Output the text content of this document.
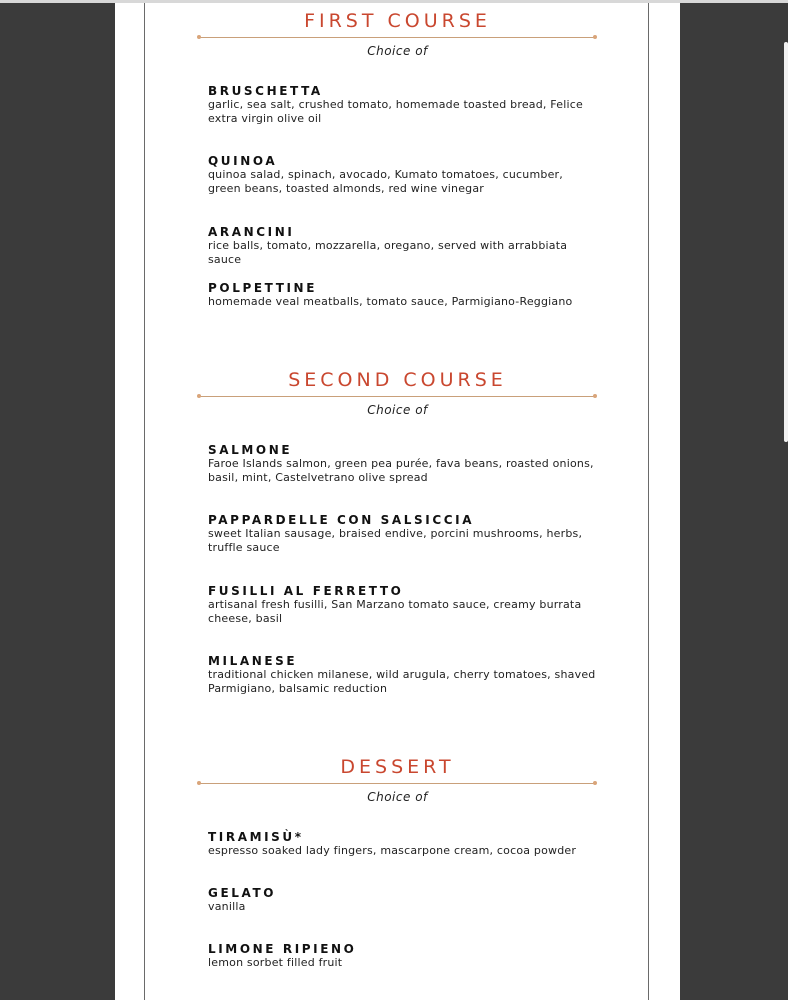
FIRST COURSE
Choice of
BRUSCHETTA
garlic, sea salt, crushed tomato, homemade toasted bread, Felice extra virgin olive oil
QUINOA
quinoa salad, spinach, avocado, Kumato tomatoes, cucumber, green beans, toasted almonds, red wine vinegar
ARANCINI
rice balls, tomato, mozzarella, oregano, served with arrabbiata sauce
POLPETTINE
homemade veal meatballs, tomato sauce, Parmigiano-Reggiano
SECOND COURSE
Choice of
SALMONE
Faroe Islands salmon, green pea purée, fava beans, roasted onions, basil, mint, Castelvetrano olive spread
PAPPARDELLE CON SALSICCIA
sweet Italian sausage, braised endive, porcini mushrooms, herbs, truffle sauce
FUSILLI AL FERRETTO
artisanal fresh fusilli, San Marzano tomato sauce, creamy burrata cheese, basil
MILANESE
traditional chicken milanese, wild arugula, cherry tomatoes, shaved Parmigiano, balsamic reduction
DESSERT
Choice of
TIRAMISÙ*
espresso soaked lady fingers, mascarpone cream, cocoa powder
GELATO
vanilla
LIMONE RIPIENO
lemon sorbet filled fruit
